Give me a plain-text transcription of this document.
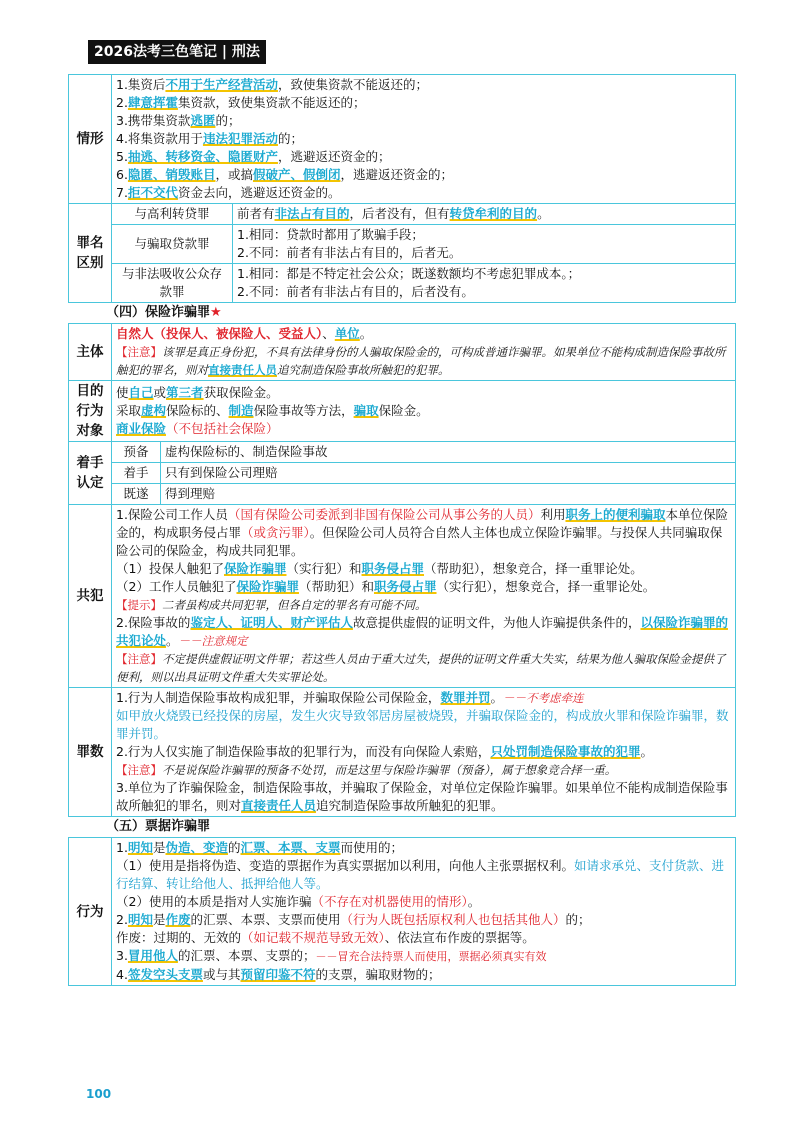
2026法考三色笔记 | 刑法
情形	
1.集资后不用于生产经营活动，致使集资款不能返还的；
2.肆意挥霍集资款，致使集资款不能返还的；
3.携带集资款逃匿的；
4.将集资款用于违法犯罪活动的；
5.抽逃、转移资金、隐匿财产，逃避返还资金的；
6.隐匿、销毁账目，或搞假破产、假倒闭，逃避返还资金的；
7.拒不交代资金去向，逃避返还资金的。

罪名区别	
与高利转贷罪	前者有非法占有目的，后者没有，但有转贷牟利的目的。
与骗取贷款罪	
1.相同：贷款时都用了欺骗手段；
2.不同：前者有非法占有目的，后者无。

与非法吸收公众存款罪	
1.相同：都是不特定社会公众；既遂数额均不考虑犯罪成本。；
2.不同：前者有非法占有目的，后者没有。
（四）保险诈骗罪★
主体	
自然人（投保人、被保险人、受益人）、单位。
【注意】该罪是真正身份犯，不具有法律身份的人骗取保险金的，可构成普通诈骗罪。如果单位不能构成制造保险事故所触犯的罪名，则对直接责任人员追究制造保险事故所触犯的犯罪。

目的行为对象	
使自己或第三者获取保险金。
采取虚构保险标的、制造保险事故等方法，骗取保险金。
商业保险（不包括社会保险）

着手认定	
预备	虚构保险标的、制造保险事故
着手	只有到保险公司理赔
既遂	得到理赔

共犯	
1.保险公司工作人员（国有保险公司委派到非国有保险公司从事公务的人员）利用职务上的便利骗取本单位保险金的，构成职务侵占罪（或贪污罪）。但保险公司人员符合自然人主体也成立保险诈骗罪。与投保人共同骗取保险公司的保险金，构成共同犯罪。
（1）投保人触犯了保险诈骗罪（实行犯）和职务侵占罪（帮助犯），想象竞合，择一重罪论处。
（2）工作人员触犯了保险诈骗罪（帮助犯）和职务侵占罪（实行犯），想象竞合，择一重罪论处。
【提示】二者虽构成共同犯罪，但各自定的罪名有可能不同。
2.保险事故的鉴定人、证明人、财产评估人故意提供虚假的证明文件，为他人诈骗提供条件的，以保险诈骗罪的共犯论处。－－注意规定
【注意】不定提供虚假证明文件罪；若这些人员由于重大过失，提供的证明文件重大失实，结果为他人骗取保险金提供了便利，则以出具证明文件重大失实罪论处。

罪数	
1.行为人制造保险事故构成犯罪，并骗取保险公司保险金，数罪并罚。－－不考虑牵连
如甲放火烧毁已经投保的房屋，发生火灾导致邻居房屋被烧毁，并骗取保险金的，构成放火罪和保险诈骗罪，数罪并罚。
2.行为人仅实施了制造保险事故的犯罪行为，而没有向保险人索赔，只处罚制造保险事故的犯罪。
【注意】不是说保险诈骗罪的预备不处罚，而是这里与保险诈骗罪（预备），属于想象竞合择一重。
3.单位为了诈骗保险金，制造保险事故，并骗取了保险金，对单位定保险诈骗罪。如果单位不能构成制造保险事故所触犯的罪名，则对直接责任人员追究制造保险事故所触犯的犯罪。
（五）票据诈骗罪
行为	
1.明知是伪造、变造的汇票、本票、支票而使用的；
（1）使用是指将伪造、变造的票据作为真实票据加以利用，向他人主张票据权利。如请求承兑、支付货款、进行结算、转让给他人、抵押给他人等。
（2）使用的本质是指对人实施诈骗（不存在对机器使用的情形）。
2.明知是作废的汇票、本票、支票而使用（行为人既包括原权利人也包括其他人）的；
作废：过期的、无效的（如记载不规范导致无效）、依法宣布作废的票据等。
3.冒用他人的汇票、本票、支票的；－－冒充合法持票人而使用，票据必须真实有效
4.签发空头支票或与其预留印鉴不符的支票，骗取财物的；
100
